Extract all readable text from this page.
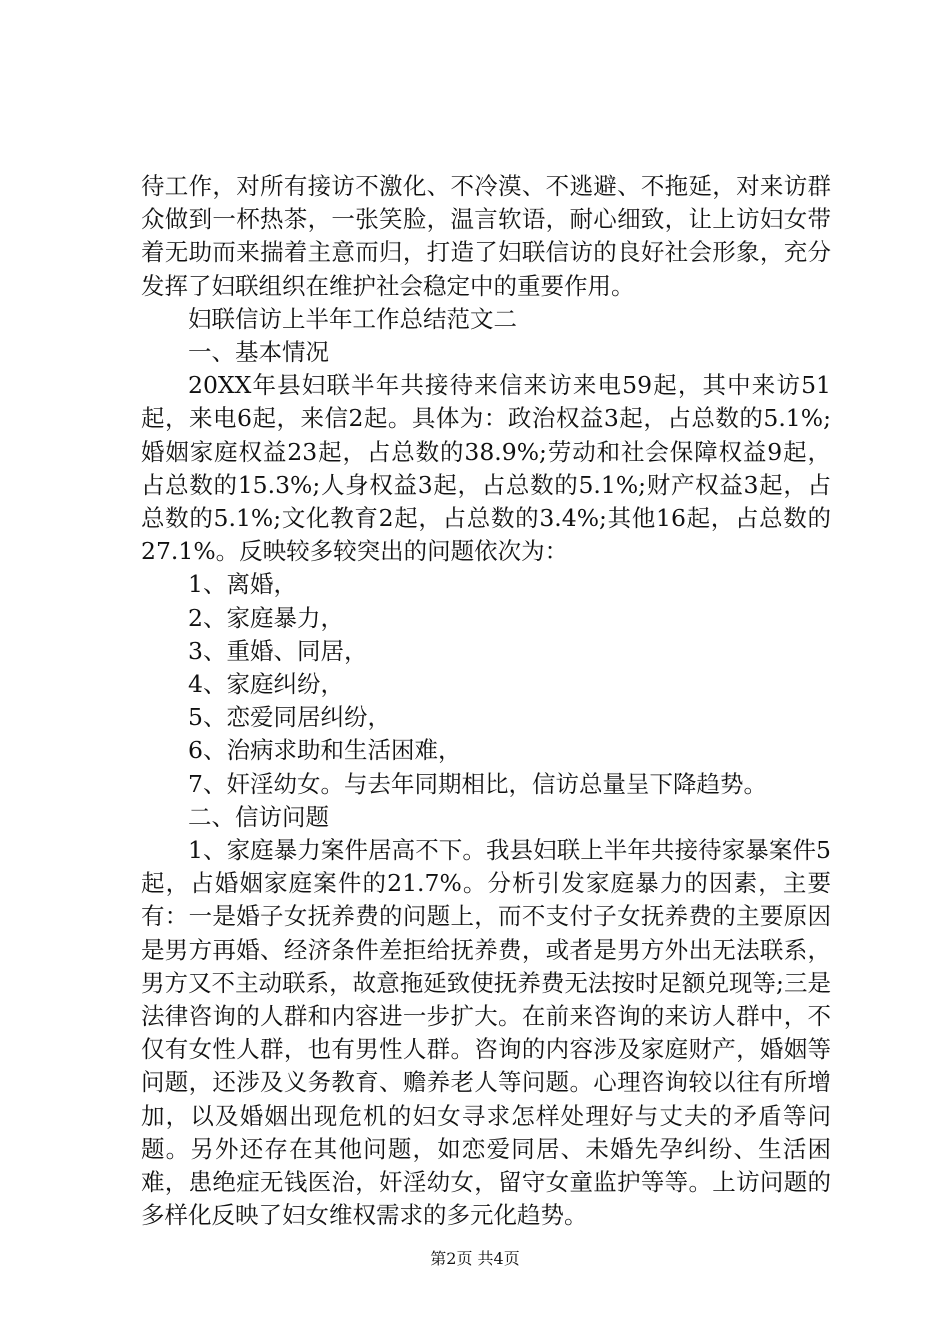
待工作，对所有接访不激化、不冷漠、不逃避、不拖延，对来访群众做到一杯热茶，一张笑脸，温言软语，耐心细致，让上访妇女带着无助而来揣着主意而归，打造了妇联信访的良好社会形象，充分发挥了妇联组织在维护社会稳定中的重要作用。

妇联信访上半年工作总结范文二

一、基本情况

20XX年县妇联半年共接待来信来访来电59起，其中来访51起，来电6起，来信2起。具体为：政治权益3起，占总数的5.1%;婚姻家庭权益23起，占总数的38.9%;劳动和社会保障权益9起，占总数的15.3%;人身权益3起，占总数的5.1%;财产权益3起，占总数的5.1%;文化教育2起，占总数的3.4%;其他16起，占总数的27.1%。反映较多较突出的问题依次为：

1、离婚，

2、家庭暴力，

3、重婚、同居，

4、家庭纠纷，

5、恋爱同居纠纷，

6、治病求助和生活困难，

7、奸淫幼女。与去年同期相比，信访总量呈下降趋势。

二、信访问题

1、家庭暴力案件居高不下。我县妇联上半年共接待家暴案件5起，占婚姻家庭案件的21.7%。分析引发家庭暴力的因素，主要有：一是婚子女抚养费的问题上，而不支付子女抚养费的主要原因是男方再婚、经济条件差拒给抚养费，或者是男方外出无法联系，男方又不主动联系，故意拖延致使抚养费无法按时足额兑现等;三是法律咨询的人群和内容进一步扩大。在前来咨询的来访人群中，不仅有女性人群，也有男性人群。咨询的内容涉及家庭财产，婚姻等问题，还涉及义务教育、赡养老人等问题。心理咨询较以往有所增加，以及婚姻出现危机的妇女寻求怎样处理好与丈夫的矛盾等问题。另外还存在其他问题，如恋爱同居、未婚先孕纠纷、生活困难，患绝症无钱医治，奸淫幼女，留守女童监护等等。上访问题的多样化反映了妇女维权需求的多元化趋势。

第2页 共4页
